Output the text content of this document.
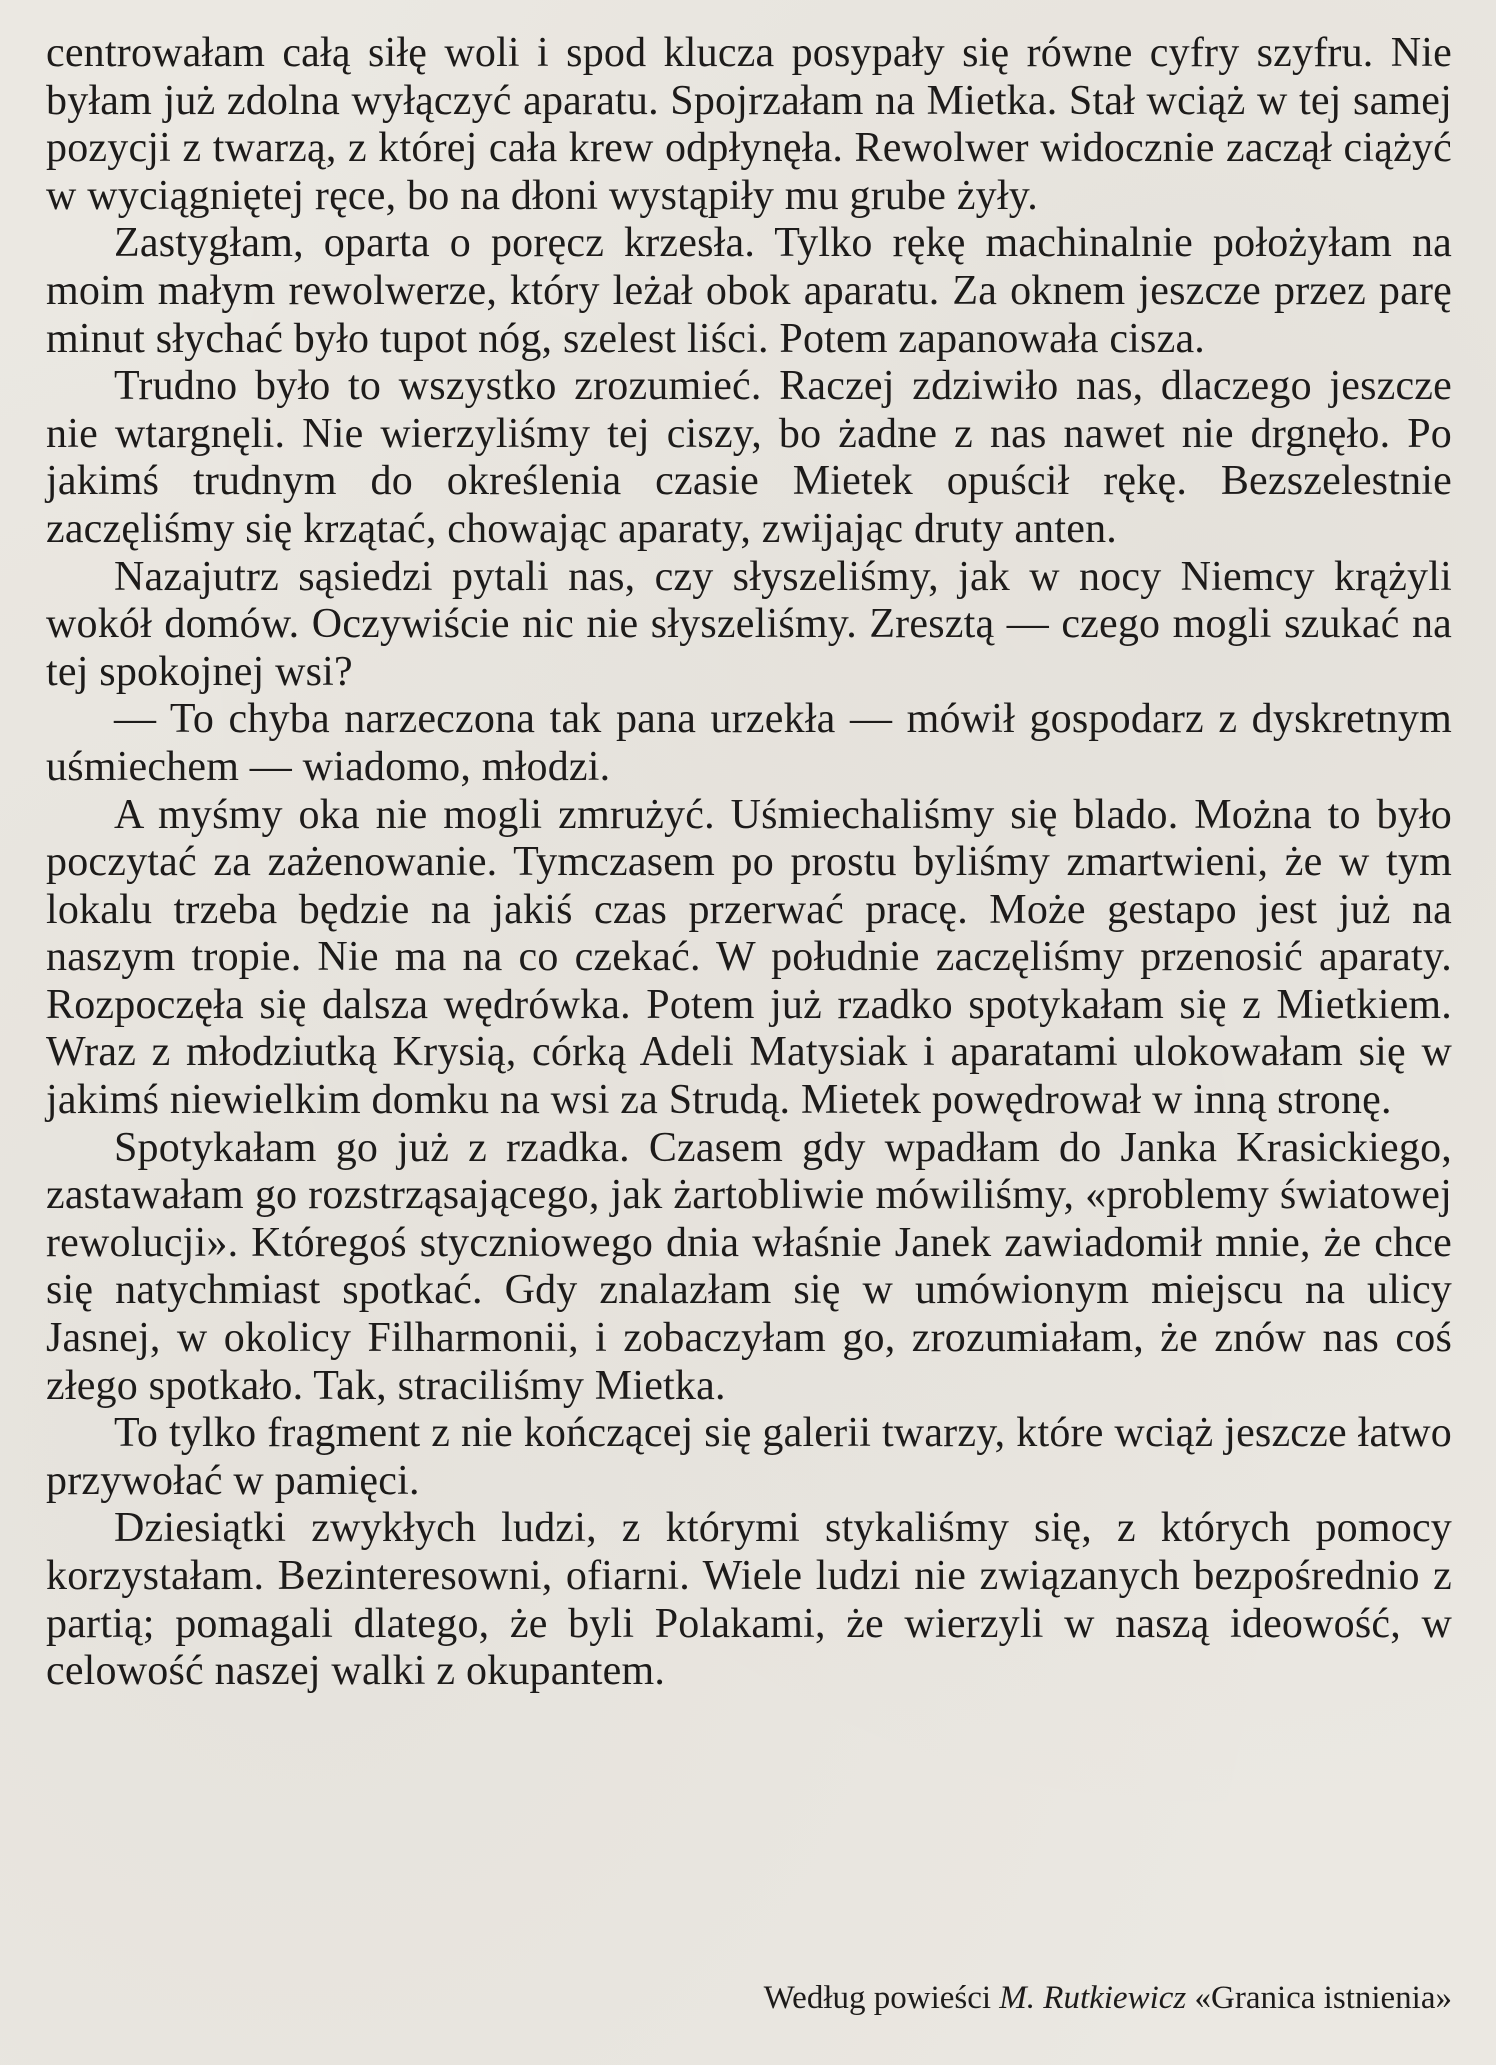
centrowałam całą siłę woli i spod klucza posypały się równe cyfry szyfru. Nie byłam już zdolna wyłączyć aparatu. Spojrzałam na Mietka. Stał wciąż w tej samej pozycji z twarzą, z której cała krew odpłynęła. Rewolwer widocznie zaczął ciążyć w wyciągniętej ręce, bo na dłoni wystąpiły mu grube żyły.

Zastygłam, oparta o poręcz krzesła. Tylko rękę machinalnie położyłam na moim małym rewolwerze, który leżał obok aparatu. Za oknem jeszcze przez parę minut słychać było tupot nóg, szelest liści. Potem zapanowała cisza.

Trudno było to wszystko zrozumieć. Raczej zdziwiło nas, dlaczego jeszcze nie wtargnęli. Nie wierzyliśmy tej ciszy, bo żadne z nas nawet nie drgnęło. Po jakimś trudnym do określenia czasie Mietek opuścił rękę. Bezszelestnie zaczęliśmy się krzątać, chowając aparaty, zwijając druty anten.

Nazajutrz sąsiedzi pytali nas, czy słyszeliśmy, jak w nocy Niemcy krążyli wokół domów. Oczywiście nic nie słyszeliśmy. Zresztą — czego mogli szukać na tej spokojnej wsi?

— To chyba narzeczona tak pana urzekła — mówił gospodarz z dyskretnym uśmiechem — wiadomo, młodzi.

A myśmy oka nie mogli zmrużyć. Uśmiechaliśmy się blado. Można to było poczytać za zażenowanie. Tymczasem po prostu byliśmy zmartwieni, że w tym lokalu trzeba będzie na jakiś czas przerwać pracę. Może gestapo jest już na naszym tropie. Nie ma na co czekać. W południe zaczęliśmy przenosić aparaty. Rozpoczęła się dalsza wędrówka. Potem już rzadko spotykałam się z Mietkiem. Wraz z młodziutką Krysią, córką Adeli Matysiak i aparatami ulokowałam się w jakimś niewielkim domku na wsi za Strudą. Mietek powędrował w inną stronę.

Spotykałam go już z rzadka. Czasem gdy wpadłam do Janka Krasickiego, zastawałam go rozstrząsającego, jak żartobliwie mówiliśmy, «problemy światowej rewolucji». Któregoś styczniowego dnia właśnie Janek zawiadomił mnie, że chce się natychmiast spotkać. Gdy znalazłam się w umówionym miejscu na ulicy Jasnej, w okolicy Filharmonii, i zobaczyłam go, zrozumiałam, że znów nas coś złego spotkało. Tak, straciliśmy Mietka.

To tylko fragment z nie kończącej się galerii twarzy, które wciąż jeszcze łatwo przywołać w pamięci.

Dziesiątki zwykłych ludzi, z którymi stykaliśmy się, z których pomocy korzystałam. Bezinteresowni, ofiarni. Wiele ludzi nie związanych bezpośrednio z partią; pomagali dlatego, że byli Polakami, że wierzyli w naszą ideowość, w celowość naszej walki z okupantem.

Według powieści M. Rutkiewicz «Granica istnienia»
